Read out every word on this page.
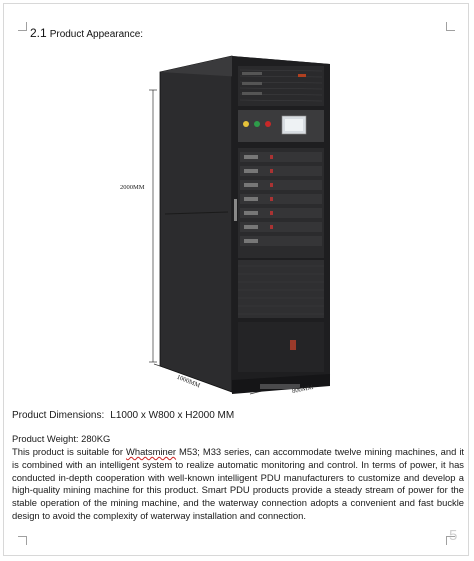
2.1 Product Appearance:
2000MM
1000MM
800MM
Product Dimensions: L1000 x W800 x H2000 MM
Product Weight: 280KG
This product is suitable for Whatsminer M53; M33 series, can accommodate twelve mining machines, and it is combined with an intelligent system to realize automatic monitoring and control. In terms of power, it has conducted in-depth cooperation with well-known intelligent PDU manufacturers to customize and develop a high-quality mining machine for this product. Smart PDU products provide a steady stream of power for the stable operation of the mining machine, and the waterway connection adopts a convenient and fast buckle design to avoid the complexity of waterway installation and connection.
5
